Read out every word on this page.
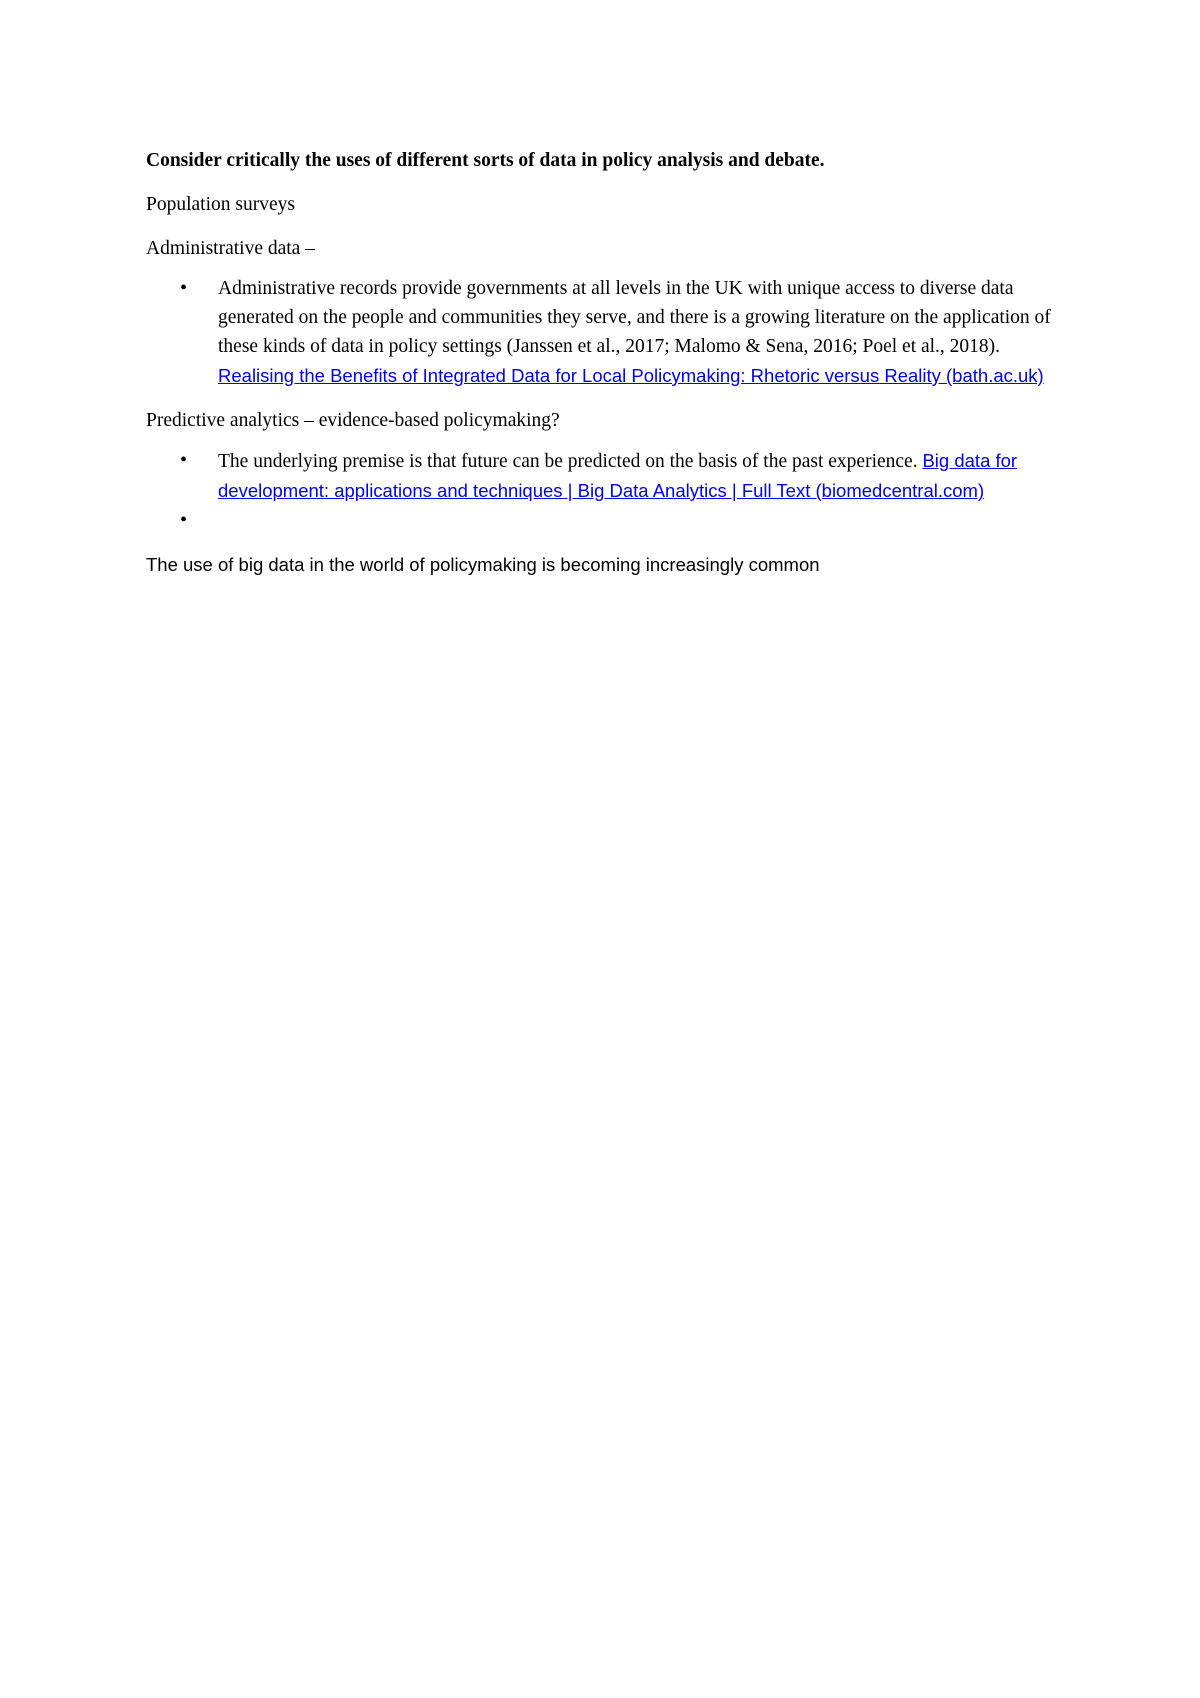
Consider critically the uses of different sorts of data in policy analysis and debate.

Population surveys

Administrative data –

• Administrative records provide governments at all levels in the UK with unique access to diverse data generated on the people and communities they serve, and there is a growing literature on the application of these kinds of data in policy settings (Janssen et al., 2017; Malomo & Sena, 2016; Poel et al., 2018). Realising the Benefits of Integrated Data for Local Policymaking: Rhetoric versus Reality (bath.ac.uk)

Predictive analytics – evidence-based policymaking?

• The underlying premise is that future can be predicted on the basis of the past experience. Big data for development: applications and techniques | Big Data Analytics | Full Text (biomedcentral.com)
•

The use of big data in the world of policymaking is becoming increasingly common
